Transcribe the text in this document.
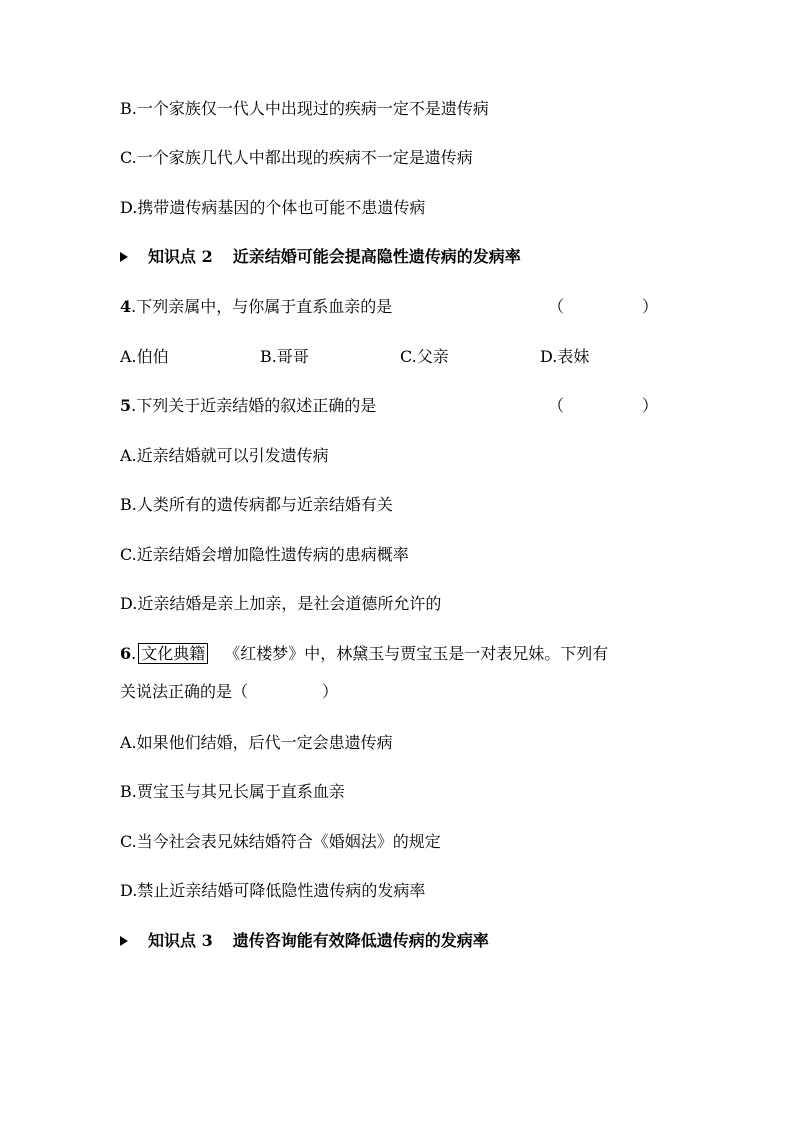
B.一个家族仅一代人中出现过的疾病一定不是遗传病
C.一个家族几代人中都出现的疾病不一定是遗传病
D.携带遗传病基因的个体也可能不患遗传病
知识点 2 近亲结婚可能会提高隐性遗传病的发病率
4.下列亲属中，与你属于直系血亲的是	（	）
A.伯伯	B.哥哥	C.父亲	D.表妹
5.下列关于近亲结婚的叙述正确的是	（	）
A.近亲结婚就可以引发遗传病
B.人类所有的遗传病都与近亲结婚有关
C.近亲结婚会增加隐性遗传病的患病概率
D.近亲结婚是亲上加亲，是社会道德所允许的
6. 文化典籍 《红楼梦》中，林黛玉与贾宝玉是一对表兄妹。下列有
关说法正确的是（	）
A.如果他们结婚，后代一定会患遗传病
B.贾宝玉与其兄长属于直系血亲
C.当今社会表兄妹结婚符合《婚姻法》的规定
D.禁止近亲结婚可降低隐性遗传病的发病率
知识点 3 遗传咨询能有效降低遗传病的发病率
